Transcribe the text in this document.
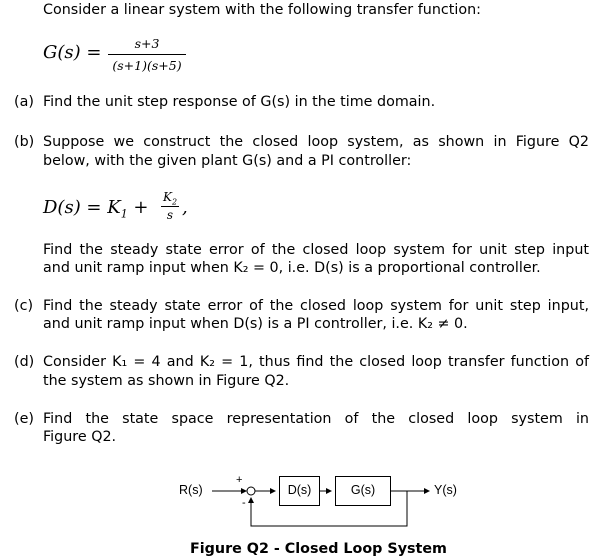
Consider a linear system with the following transfer function:
G(s) =	s+3
(s+1)(s+5)
(a) Find the unit step response of G(s) in the time domain.
(b) Suppose we construct the closed loop system, as shown in Figure Q2
below, with the given plant G(s) and a PI controller:
$D(s) = K_1 + K_2$
s ,
Find the steady state error of the closed loop system for unit step input
and unit ramp input when K₂ = 0, i.e. D(s) is a proportional controller.
(c) Find the steady state error of the closed loop system for unit step input,
and unit ramp input when D(s) is a PI controller, i.e. K₂ ≠ 0.
(d) Consider K₁ = 4 and K₂ = 1, thus find the closed loop transfer function of
the system as shown in Figure Q2.
(e) Find the state space representation of the closed loop system in
Figure Q2.
R(s)
+
-
D(s)	G(s)	Y(s)
Figure Q2 - Closed Loop System
